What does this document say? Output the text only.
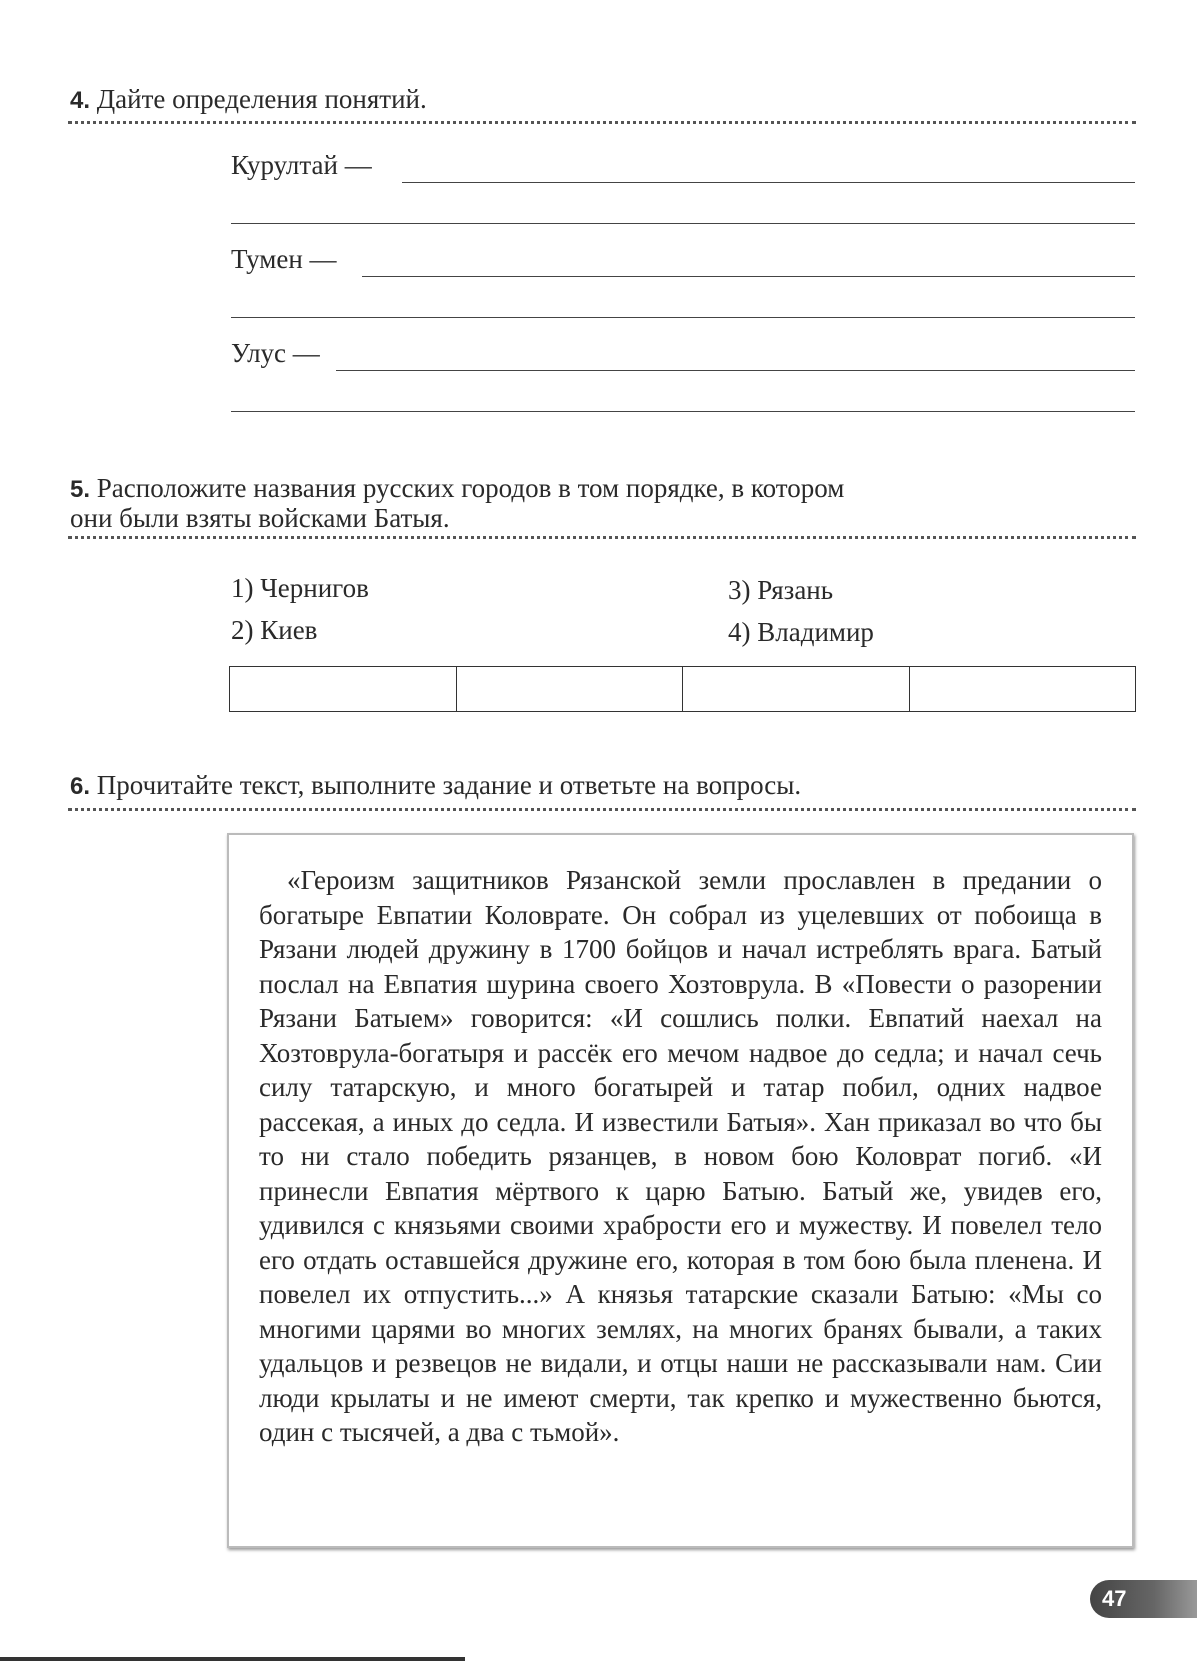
4. Дайте определения понятий.
Курултай —
Тумен —
Улус —
5. Расположите названия русских городов в том порядке, в котором
они были взяты войсками Батыя.
1) Чернигов
2) Киев
3) Рязань
4) Владимир
6. Прочитайте текст, выполните задание и ответьте на вопросы.

«Героизм защитников Рязанской земли прославлен в предании о богатыре Евпатии Коловрате. Он собрал из уцелевших от побоища в Рязани людей дружину в 1700 бойцов и начал истреблять врага. Батый послал на Евпатия шурина своего Хозтоврула. В «Повести о разорении Рязани Батыем» говорится: «И сошлись полки. Евпатий наехал на Хозтоврула-богатыря и рассёк его мечом надвое до седла; и начал сечь силу татарскую, и много богатырей и татар побил, одних надвое рассекая, а иных до седла. И известили Батыя». Хан приказал во что бы то ни стало победить рязанцев, в новом бою Коловрат погиб. «И принесли Евпатия мёртвого к царю Батыю. Батый же, увидев его, удивился с князьями своими храбрости его и мужеству. И повелел тело его отдать оставшейся дружине его, которая в том бою была пленена. И повелел их отпустить...» А князья татарские сказали Батыю: «Мы со многими царями во многих землях, на многих бранях бывали, а таких удальцов и резвецов не видали, и отцы наши не рассказывали нам. Сии люди крылаты и не имеют смерти, так крепко и мужественно бьются, один с тысячей, а два с тьмой».

47
